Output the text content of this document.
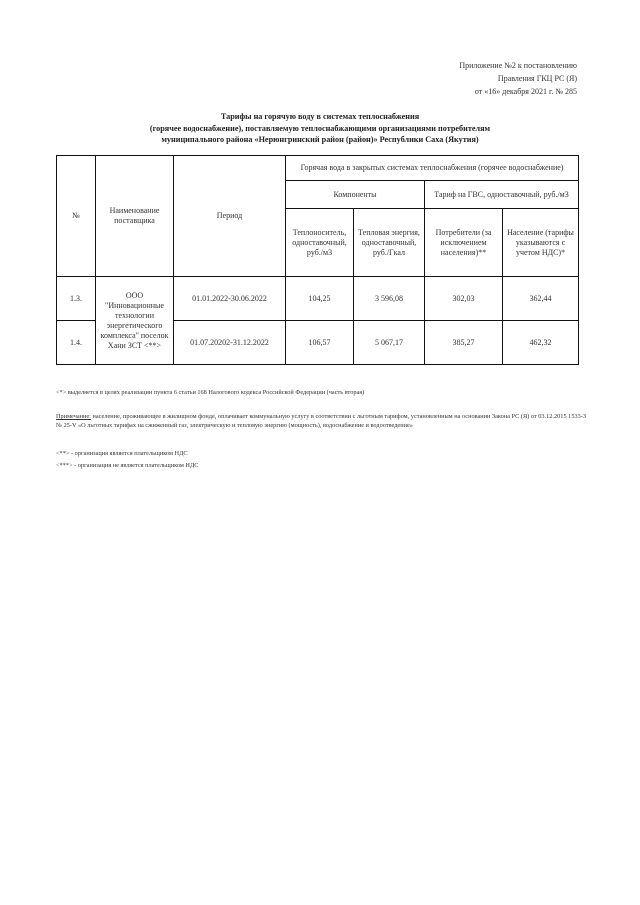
Приложение №2 к постановлению
Правления ГКЦ РС (Я)
от «16» декабря 2021 г. № 285
Тарифы на горячую воду в системах теплоснабжения
(горячее водоснабжение), поставляемую теплоснабжающими организациями потребителям
муниципального района «Нерюнгринский район (район)» Республики Саха (Якутия)
№	Наименование поставщика	Период	Горячая вода в закрытых системах теплоснабжения (горячее водоснабжение)			
			Компоненты		Тариф на ГВС, одноставочный, руб./м3	
			Теплоноситель, одноставочный, руб./м3	Тепловая энергия, одноставочный, руб./Гкал	Потребители (за исключением населения)**	Население (тарифы указываются с учетом НДС)*
1.3.	ООО "Инновационные технологии энергетического комплекса" поселок Хани ЗСТ <**>	01.01.2022-30.06.2022	104,25	3 596,08	302,03	362,44
1.4.		01.07.20202-31.12.2022	106,57	5 067,17	385,27	462,32
<*> выделяется в целях реализации пункта 6 статьи 168 Налогового кодекса Российской Федерации (часть вторая)
Примечание: население, проживающее в жилищном фонде, оплачивает коммунальную услугу в соответствии с льготным тарифом, установленным на основании Закона РС (Я) от 03.12.2015 1533-З № 25-V «О льготных тарифах на сжиженный газ, электрическую и тепловую энергию (мощность), водоснабжение и водоотведение»
<**> - организация является плательщиком НДС
<***> - организация не является плательщиком НДС
